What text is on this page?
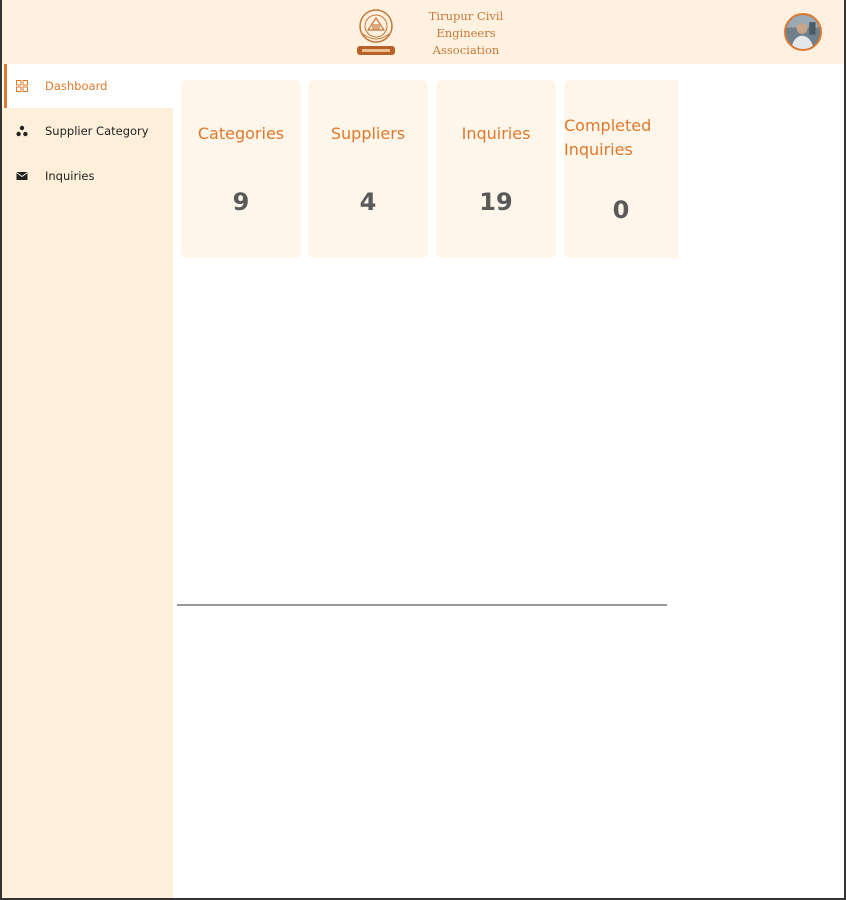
Tirupur Civil Engineers Association
Dashboard
Supplier Category
Inquiries
Categories
9
Suppliers
4
Inquiries
19
Completed Inquiries
0
